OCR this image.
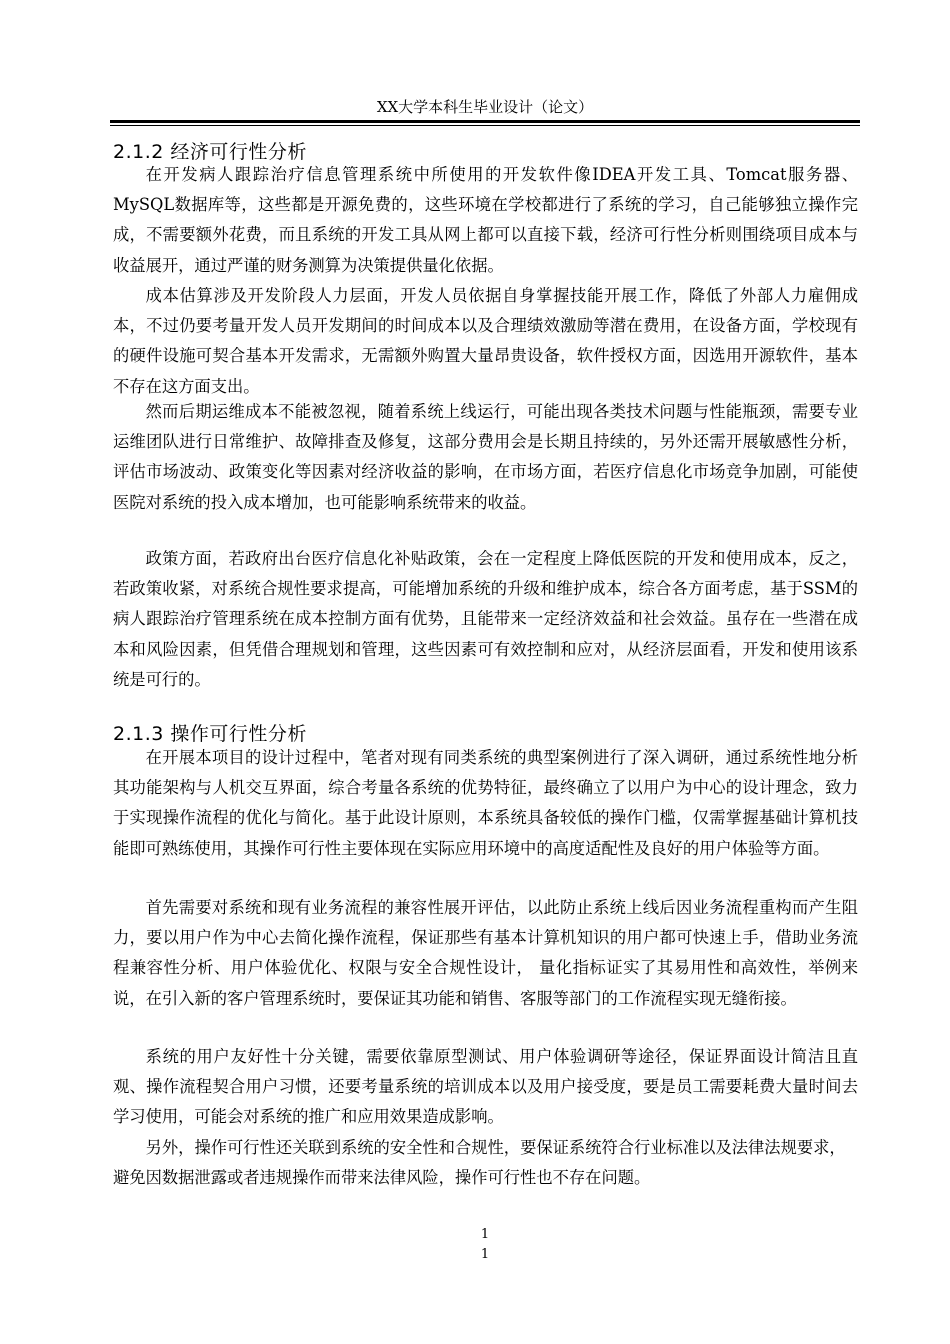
XX大学本科生毕业设计（论文）
2.1.2 经济可行性分析
在开发病人跟踪治疗信息管理系统中所使用的开发软件像IDEA开发工具、Tomcat服务器、MySQL数据库等，这些都是开源免费的，这些环境在学校都进行了系统的学习，自己能够独立操作完成，不需要额外花费，而且系统的开发工具从网上都可以直接下载，经济可行性分析则围绕项目成本与收益展开，通过严谨的财务测算为决策提供量化依据。
成本估算涉及开发阶段人力层面，开发人员依据自身掌握技能开展工作，降低了外部人力雇佣成本，不过仍要考量开发人员开发期间的时间成本以及合理绩效激励等潜在费用，在设备方面，学校现有的硬件设施可契合基本开发需求，无需额外购置大量昂贵设备，软件授权方面，因选用开源软件，基本不存在这方面支出。
然而后期运维成本不能被忽视，随着系统上线运行，可能出现各类技术问题与性能瓶颈，需要专业运维团队进行日常维护、故障排查及修复，这部分费用会是长期且持续的，另外还需开展敏感性分析，评估市场波动、政策变化等因素对经济收益的影响，在市场方面，若医疗信息化市场竞争加剧，可能使医院对系统的投入成本增加，也可能影响系统带来的收益。
政策方面，若政府出台医疗信息化补贴政策，会在一定程度上降低医院的开发和使用成本，反之，若政策收紧，对系统合规性要求提高，可能增加系统的升级和维护成本，综合各方面考虑，基于SSM的病人跟踪治疗管理系统在成本控制方面有优势，且能带来一定经济效益和社会效益。虽存在一些潜在成本和风险因素，但凭借合理规划和管理，这些因素可有效控制和应对，从经济层面看，开发和使用该系统是可行的。
2.1.3 操作可行性分析
在开展本项目的设计过程中，笔者对现有同类系统的典型案例进行了深入调研，通过系统性地分析其功能架构与人机交互界面，综合考量各系统的优势特征，最终确立了以用户为中心的设计理念，致力于实现操作流程的优化与简化。基于此设计原则，本系统具备较低的操作门槛，仅需掌握基础计算机技能即可熟练使用，其操作可行性主要体现在实际应用环境中的高度适配性及良好的用户体验等方面。
首先需要对系统和现有业务流程的兼容性展开评估，以此防止系统上线后因业务流程重构而产生阻力，要以用户作为中心去简化操作流程，保证那些有基本计算机知识的用户都可快速上手，借助业务流程兼容性分析、用户体验优化、权限与安全合规性设计， 量化指标证实了其易用性和高效性，举例来说，在引入新的客户管理系统时，要保证其功能和销售、客服等部门的工作流程实现无缝衔接。
系统的用户友好性十分关键，需要依靠原型测试、用户体验调研等途径，保证界面设计简洁且直观、操作流程契合用户习惯，还要考量系统的培训成本以及用户接受度，要是员工需要耗费大量时间去学习使用，可能会对系统的推广和应用效果造成影响。
另外，操作可行性还关联到系统的安全性和合规性，要保证系统符合行业标准以及法律法规要求，避免因数据泄露或者违规操作而带来法律风险，操作可行性也不存在问题。
1
1
